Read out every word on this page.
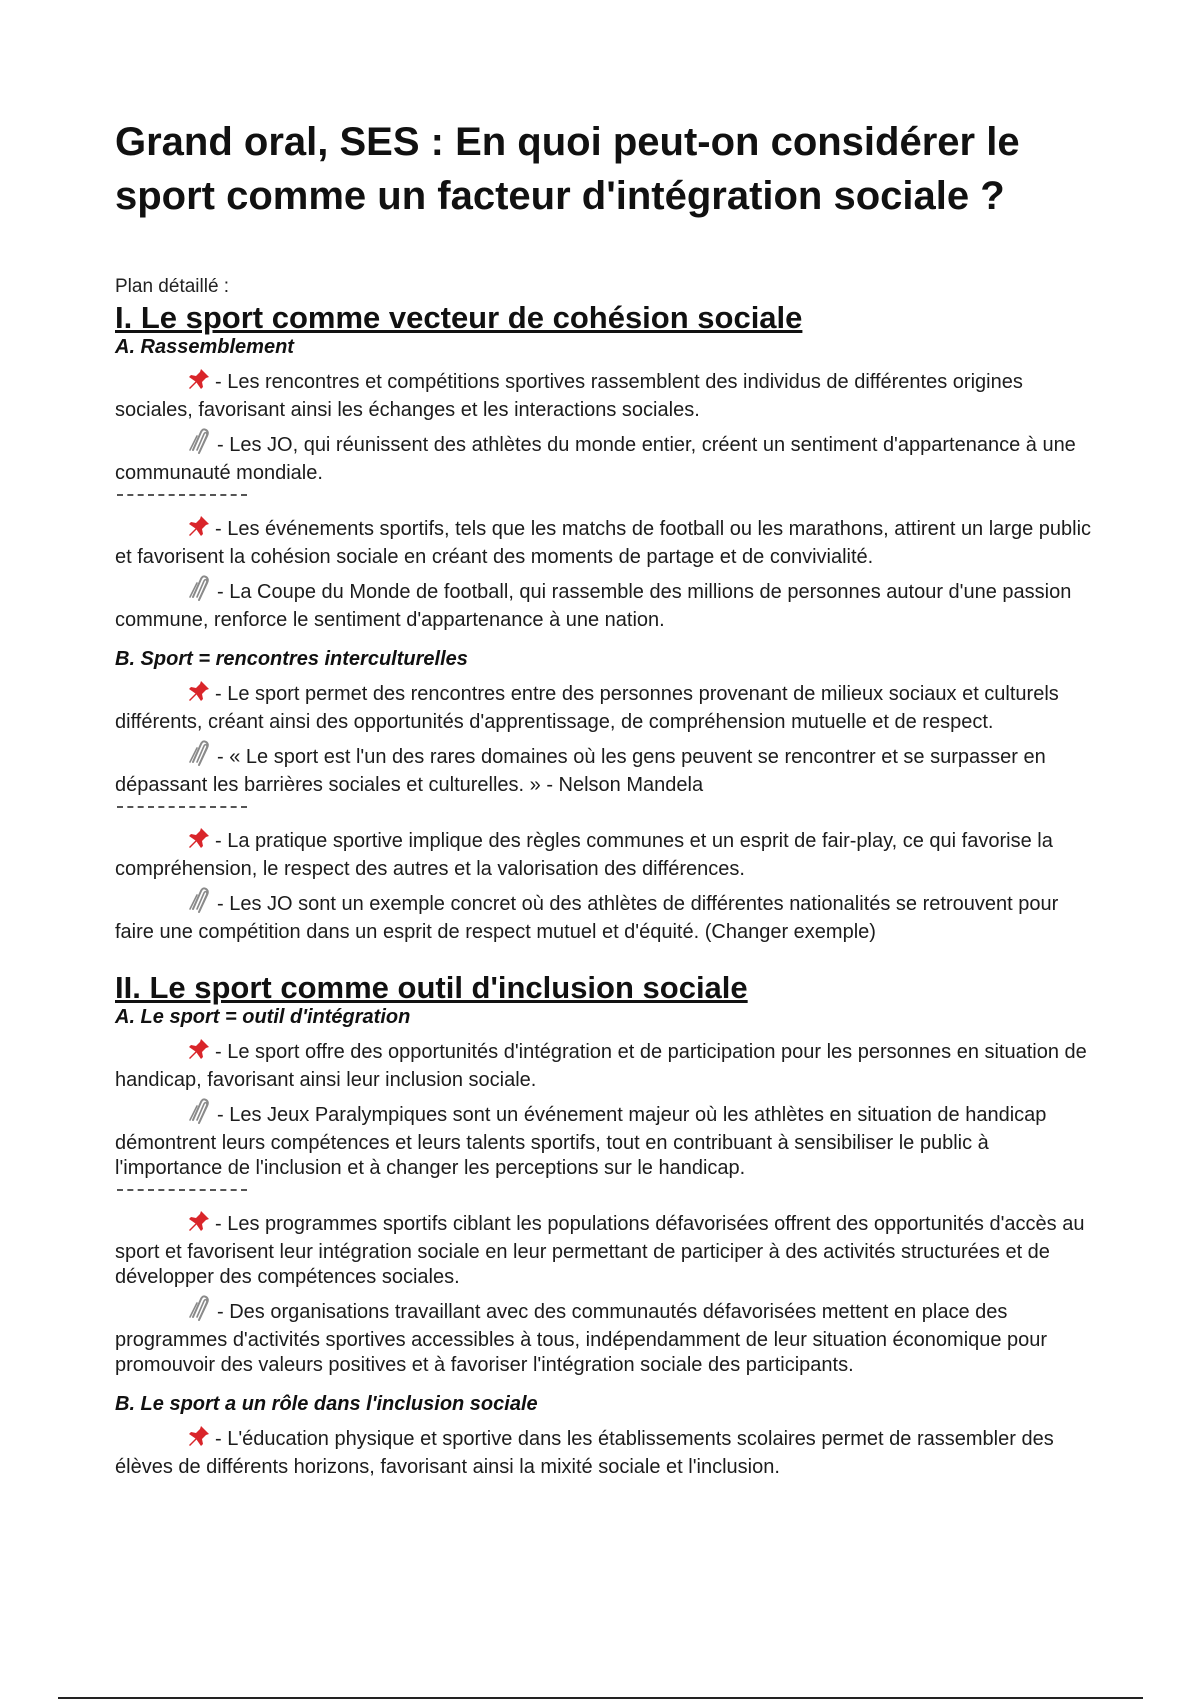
Grand oral, SES : En quoi peut-on considérer le sport comme un facteur d'intégration sociale ?
Plan détaillé :
I. Le sport comme vecteur de cohésion sociale
A. Rassemblement

- Les rencontres et compétitions sportives rassemblent des individus de différentes origines sociales, favorisant ainsi les échanges et les interactions sociales.

- Les JO, qui réunissent des athlètes du monde entier, créent un sentiment d'appartenance à une communauté mondiale.

- Les événements sportifs, tels que les matchs de football ou les marathons, attirent un large public et favorisent la cohésion sociale en créant des moments de partage et de convivialité.

- La Coupe du Monde de football, qui rassemble des millions de personnes autour d'une passion commune, renforce le sentiment d'appartenance à une nation.

B. Sport = rencontres interculturelles

- Le sport permet des rencontres entre des personnes provenant de milieux sociaux et culturels différents, créant ainsi des opportunités d'apprentissage, de compréhension mutuelle et de respect.

- « Le sport est l'un des rares domaines où les gens peuvent se rencontrer et se surpasser en dépassant les barrières sociales et culturelles. » - Nelson Mandela

- La pratique sportive implique des règles communes et un esprit de fair-play, ce qui favorise la compréhension, le respect des autres et la valorisation des différences.

- Les JO sont un exemple concret où des athlètes de différentes nationalités se retrouvent pour faire une compétition dans un esprit de respect mutuel et d'équité. (Changer exemple)

II. Le sport comme outil d'inclusion sociale
A. Le sport = outil d'intégration

- Le sport offre des opportunités d'intégration et de participation pour les personnes en situation de handicap, favorisant ainsi leur inclusion sociale.

- Les Jeux Paralympiques sont un événement majeur où les athlètes en situation de handicap démontrent leurs compétences et leurs talents sportifs, tout en contribuant à sensibiliser le public à l'importance de l'inclusion et à changer les perceptions sur le handicap.

- Les programmes sportifs ciblant les populations défavorisées offrent des opportunités d'accès au sport et favorisent leur intégration sociale en leur permettant de participer à des activités structurées et de développer des compétences sociales.

- Des organisations travaillant avec des communautés défavorisées mettent en place des programmes d'activités sportives accessibles à tous, indépendamment de leur situation économique pour promouvoir des valeurs positives et à favoriser l'intégration sociale des participants.

B. Le sport a un rôle dans l'inclusion sociale

- L'éducation physique et sportive dans les établissements scolaires permet de rassembler des élèves de différents horizons, favorisant ainsi la mixité sociale et l'inclusion.
